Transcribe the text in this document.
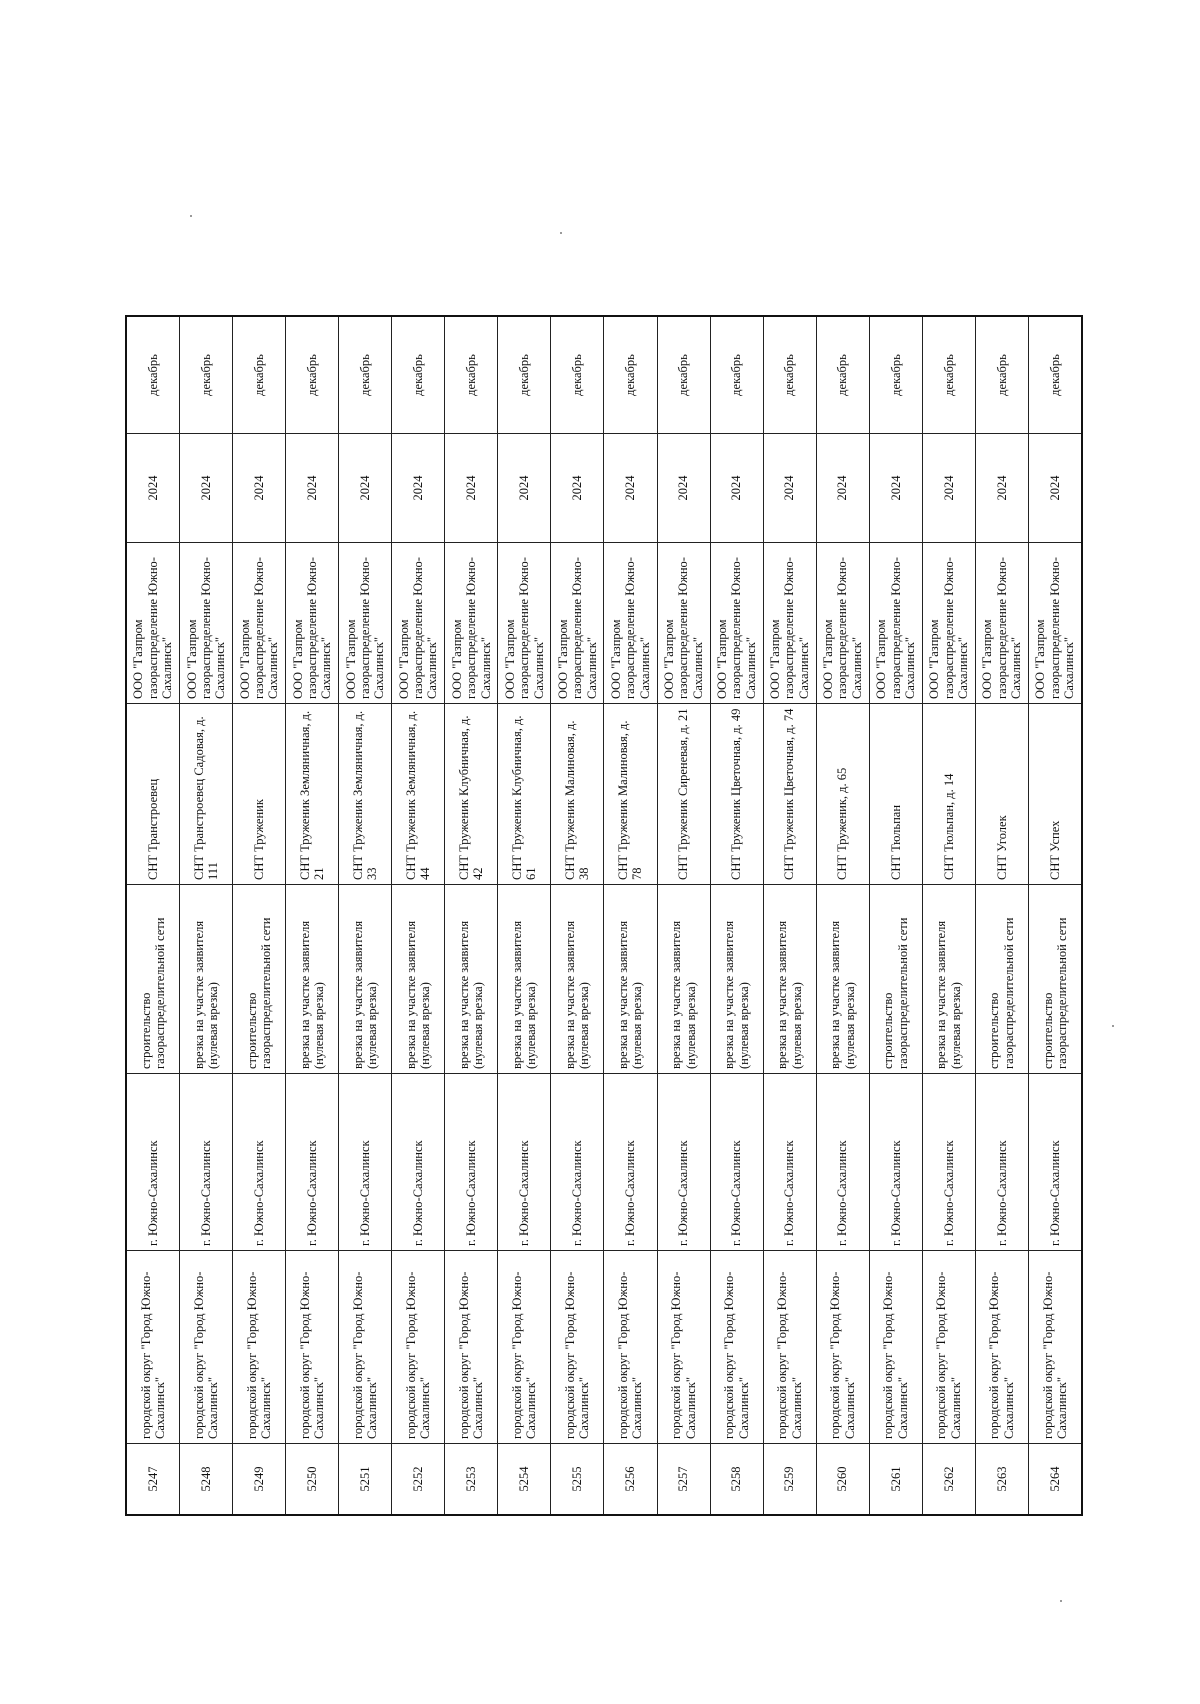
5247	городской округ "Город Южно-Сахалинск"	г. Южно-Сахалинск	строительство газораспределительной сети	СНТ Транстроевец	ООО "Газпром газораспределение Южно-Сахалинск"	2024	декабрь
5248	городской округ "Город Южно-Сахалинск"	г. Южно-Сахалинск	врезка на участке заявителя (нулевая врезка)	СНТ Транстроевец Садовая, д. 111	ООО "Газпром газораспределение Южно-Сахалинск"	2024	декабрь
5249	городской округ "Город Южно-Сахалинск"	г. Южно-Сахалинск	строительство газораспределительной сети	СНТ Труженик	ООО "Газпром газораспределение Южно-Сахалинск"	2024	декабрь
5250	городской округ "Город Южно-Сахалинск"	г. Южно-Сахалинск	врезка на участке заявителя (нулевая врезка)	СНТ Труженик Земляничная, д. 21	ООО "Газпром газораспределение Южно-Сахалинск"	2024	декабрь
5251	городской округ "Город Южно-Сахалинск"	г. Южно-Сахалинск	врезка на участке заявителя (нулевая врезка)	СНТ Труженик Земляничная, д. 33	ООО "Газпром газораспределение Южно-Сахалинск"	2024	декабрь
5252	городской округ "Город Южно-Сахалинск"	г. Южно-Сахалинск	врезка на участке заявителя (нулевая врезка)	СНТ Труженик Земляничная, д. 44	ООО "Газпром газораспределение Южно-Сахалинск"	2024	декабрь
5253	городской округ "Город Южно-Сахалинск"	г. Южно-Сахалинск	врезка на участке заявителя (нулевая врезка)	СНТ Труженик Клубничная, д. 42	ООО "Газпром газораспределение Южно-Сахалинск"	2024	декабрь
5254	городской округ "Город Южно-Сахалинск"	г. Южно-Сахалинск	врезка на участке заявителя (нулевая врезка)	СНТ Труженик Клубничная, д. 61	ООО "Газпром газораспределение Южно-Сахалинск"	2024	декабрь
5255	городской округ "Город Южно-Сахалинск"	г. Южно-Сахалинск	врезка на участке заявителя (нулевая врезка)	СНТ Труженик Малиновая, д. 38	ООО "Газпром газораспределение Южно-Сахалинск"	2024	декабрь
5256	городской округ "Город Южно-Сахалинск"	г. Южно-Сахалинск	врезка на участке заявителя (нулевая врезка)	СНТ Труженик Малиновая, д. 78	ООО "Газпром газораспределение Южно-Сахалинск"	2024	декабрь
5257	городской округ "Город Южно-Сахалинск"	г. Южно-Сахалинск	врезка на участке заявителя (нулевая врезка)	СНТ Труженик Сиреневая, д. 21	ООО "Газпром газораспределение Южно-Сахалинск"	2024	декабрь
5258	городской округ "Город Южно-Сахалинск"	г. Южно-Сахалинск	врезка на участке заявителя (нулевая врезка)	СНТ Труженик Цветочная, д. 49	ООО "Газпром газораспределение Южно-Сахалинск"	2024	декабрь
5259	городской округ "Город Южно-Сахалинск"	г. Южно-Сахалинск	врезка на участке заявителя (нулевая врезка)	СНТ Труженик Цветочная, д. 74	ООО "Газпром газораспределение Южно-Сахалинск"	2024	декабрь
5260	городской округ "Город Южно-Сахалинск"	г. Южно-Сахалинск	врезка на участке заявителя (нулевая врезка)	СНТ Труженик, д. 65	ООО "Газпром газораспределение Южно-Сахалинск"	2024	декабрь
5261	городской округ "Город Южно-Сахалинск"	г. Южно-Сахалинск	строительство газораспределительной сети	СНТ Тюльпан	ООО "Газпром газораспределение Южно-Сахалинск"	2024	декабрь
5262	городской округ "Город Южно-Сахалинск"	г. Южно-Сахалинск	врезка на участке заявителя (нулевая врезка)	СНТ Тюльпан, д. 14	ООО "Газпром газораспределение Южно-Сахалинск"	2024	декабрь
5263	городской округ "Город Южно-Сахалинск"	г. Южно-Сахалинск	строительство газораспределительной сети	СНТ Уголек	ООО "Газпром газораспределение Южно-Сахалинск"	2024	декабрь
5264	городской округ "Город Южно-Сахалинск"	г. Южно-Сахалинск	строительство газораспределительной сети	СНТ Успех	ООО "Газпром газораспределение Южно-Сахалинск"	2024	декабрь
